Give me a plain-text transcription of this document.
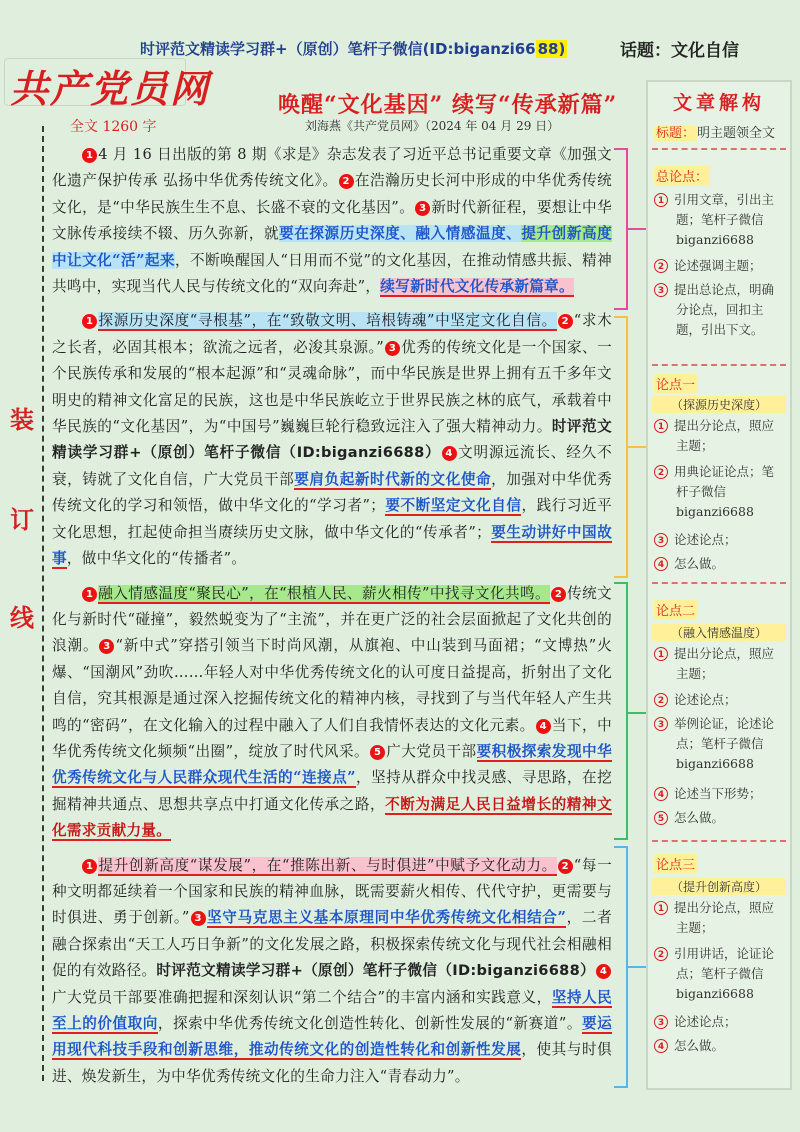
时评范文精读学习群+（原创）笔杆子微信(ID:biganzi66 88)	话题：文化自信
共产党员网	唤醒“文化基因” 续写“传承新篇”
全文 1260 字	刘海燕《共产党员网》（2024 年 04 月 29 日）
装
订
线

1 4 月 16 日出版的第 8 期《求是》杂志发表了习近平总书记重要文章《加强文化遗产保护传承 弘扬中华优秀传统文化》。 2 在浩瀚历史长河中形成的中华优秀传统文化，是“中华民族生生不息、长盛不衰的文化基因”。 3 新时代新征程，要想让中华文脉传承接续不辍、历久弥新，就要在探源历史深度、融入情感温度、提升创新高度中让文化“活”起来，不断唤醒国人“日用而不觉”的文化基因，在推动情感共振、精神共鸣中，实现当代人民与传统文化的“双向奔赴”，续写新时代文化传承新篇章。

1 探源历史深度“寻根基”，在“致敬文明、培根铸魂”中坚定文化自信。 2 “求木之长者，必固其根本；欲流之远者，必浚其泉源。” 3 优秀的传统文化是一个国家、一个民族传承和发展的“根本起源”和“灵魂命脉”，而中华民族是世界上拥有五千多年文明史的精神文化富足的民族，这也是中华民族屹立于世界民族之林的底气，承载着中华民族的“文化基因”，为“中国号”巍巍巨轮行稳致远注入了强大精神动力。时评范文精读学习群+（原创）笔杆子微信（ID:biganzi6688） 4 文明源远流长、经久不衰，铸就了文化自信，广大党员干部要肩负起新时代新的文化使命，加强对中华优秀传统文化的学习和领悟，做中华文化的“学习者”；要不断坚定文化自信，践行习近平文化思想，扛起使命担当赓续历史文脉，做中华文化的“传承者”；要生动讲好中国故事，做中华文化的“传播者”。

1 融入情感温度“聚民心”，在“根植人民、薪火相传”中找寻文化共鸣。 2 传统文化与新时代“碰撞”，毅然蜕变为了“主流”，并在更广泛的社会层面掀起了文化共创的浪潮。 3 “新中式”穿搭引领当下时尚风潮，从旗袍、中山装到马面裙；“文博热”火爆、“国潮风”劲吹……年轻人对中华优秀传统文化的认可度日益提高，折射出了文化自信，究其根源是通过深入挖掘传统文化的精神内核，寻找到了与当代年轻人产生共鸣的“密码”，在文化输入的过程中融入了人们自我情怀表达的文化元素。 4 当下，中华优秀传统文化频频“出圈”，绽放了时代风采。 5 广大党员干部要积极探索发现中华优秀传统文化与人民群众现代生活的“连接点”，坚持从群众中找灵感、寻思路，在挖掘精神共通点、思想共享点中打通文化传承之路，不断为满足人民日益增长的精神文化需求贡献力量。

1 提升创新高度“谋发展”，在“推陈出新、与时俱进”中赋予文化动力。 2 “每一种文明都延续着一个国家和民族的精神血脉，既需要薪火相传、代代守护，更需要与时俱进、勇于创新。” 3 坚守马克思主义基本原理同中华优秀传统文化相结合”，二者融合探索出“天工人巧日争新”的文化发展之路，积极探索传统文化与现代社会相融相促的有效路径。时评范文精读学习群+（原创）笔杆子微信（ID:biganzi6688） 4广大党员干部要准确把握和深刻认识“第二个结合”的丰富内涵和实践意义，坚持人民至上的价值取向，探索中华优秀传统文化创造性转化、创新性发展的“新赛道”。要运用现代科技手段和创新思维，推动传统文化的创造性转化和创新性发展，使其与时俱进、焕发新生，为中华优秀传统文化的生命力注入“青春动力”。

文章解构
标题： 明主题领全文
总论点：
1 引用文章，引出主题；笔杆子微信 biganzi6688
2 论述强调主题；
3 提出总论点，明确分论点，回扣主题，引出下文。
论点一
（探源历史深度）
1 提出分论点，照应主题；
2 用典论证论点；笔杆子微信 biganzi6688
3 论述论点；
4 怎么做。
论点二
（融入情感温度）
1 提出分论点，照应主题；
2 论述论点；
3 举例论证，论述论点；笔杆子微信 biganzi6688
4 论述当下形势；
5 怎么做。
论点三
（提升创新高度）
1 提出分论点，照应主题；
2 引用讲话，论证论点；笔杆子微信 biganzi6688
3 论述论点；
4 怎么做。
